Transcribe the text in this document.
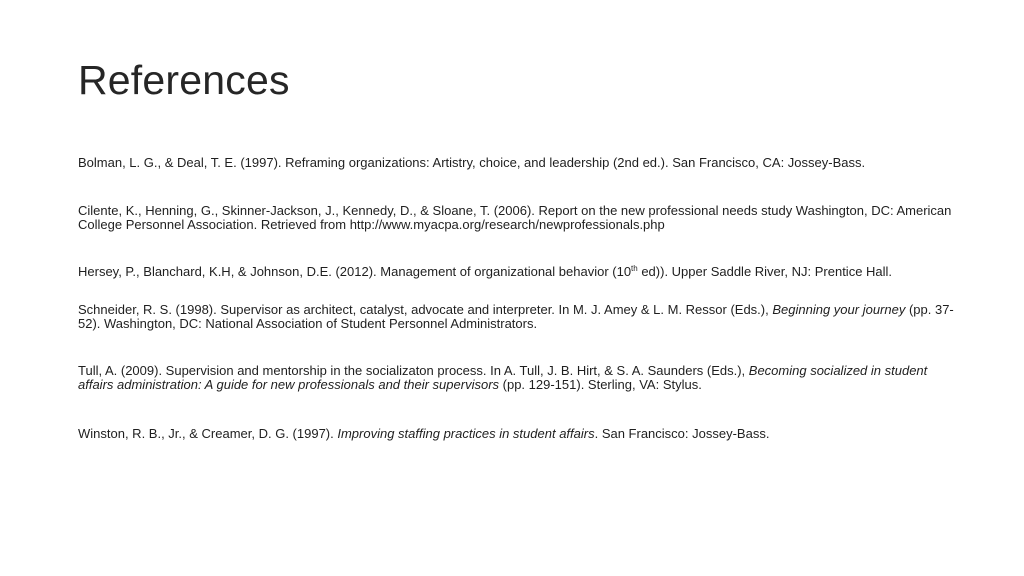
References

Bolman, L. G., & Deal, T. E. (1997). Reframing organizations: Artistry, choice, and leadership (2nd ed.). San Francisco, CA: Jossey-Bass.

Cilente, K., Henning, G., Skinner-Jackson, J., Kennedy, D., & Sloane, T. (2006). Report on the new professional needs study Washington, DC: American College Personnel Association. Retrieved from http://www.myacpa.org/research/newprofessionals.php

Hersey, P., Blanchard, K.H, & Johnson, D.E. (2012). Management of organizational behavior (10th ed)). Upper Saddle River, NJ: Prentice Hall.

Schneider, R. S. (1998). Supervisor as architect, catalyst, advocate and interpreter. In M. J. Amey & L. M. Ressor (Eds.), Beginning your journey (pp. 37-52). Washington, DC: National Association of Student Personnel Administrators.

Tull, A. (2009). Supervision and mentorship in the socializaton process. In A. Tull, J. B. Hirt, & S. A. Saunders (Eds.), Becoming socialized in student affairs administration: A guide for new professionals and their supervisors (pp. 129-151). Sterling, VA: Stylus.

Winston, R. B., Jr., & Creamer, D. G. (1997). Improving staffing practices in student affairs. San Francisco: Jossey-Bass.
